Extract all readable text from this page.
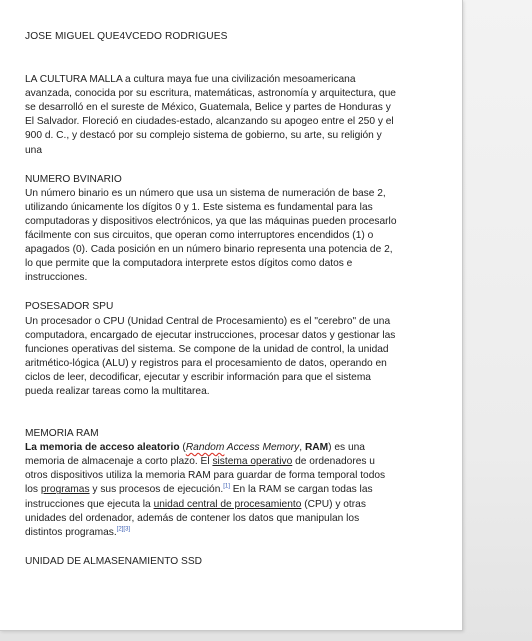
JOSE MIGUEL QUE4VCEDO RODRIGUES

LA CULTURA MALLA a cultura maya fue una civilización mesoamericana avanzada, conocida por su escritura, matemáticas, astronomía y arquitectura, que se desarrolló en el sureste de México, Guatemala, Belice y partes de Honduras y El Salvador. Floreció en ciudades-estado, alcanzando su apogeo entre el 250 y el 900 d. C., y destacó por su complejo sistema de gobierno, su arte, su religión y una

NUMERO BVINARIO

Un número binario es un número que usa un sistema de numeración de base 2, utilizando únicamente los dígitos 0 y 1. Este sistema es fundamental para las computadoras y dispositivos electrónicos, ya que las máquinas pueden procesarlo fácilmente con sus circuitos, que operan como interruptores encendidos (1) o apagados (0). Cada posición en un número binario representa una potencia de 2, lo que permite que la computadora interprete estos dígitos como datos e instrucciones.

POSESADOR SPU

Un procesador o CPU (Unidad Central de Procesamiento) es el "cerebro" de una computadora, encargado de ejecutar instrucciones, procesar datos y gestionar las funciones operativas del sistema. Se compone de la unidad de control, la unidad aritmético-lógica (ALU) y registros para el procesamiento de datos, operando en ciclos de leer, decodificar, ejecutar y escribir información para que el sistema pueda realizar tareas como la multitarea.

MEMORIA RAM

La memoria de acceso aleatorio (Random Access Memory, RAM) es una memoria de almacenaje a corto plazo. El sistema operativo de ordenadores u otros dispositivos utiliza la memoria RAM para guardar de forma temporal todos los programas y sus procesos de ejecución.[1] En la RAM se cargan todas las instrucciones que ejecuta la unidad central de procesamiento (CPU) y otras unidades del ordenador, además de contener los datos que manipulan los distintos programas.[2][3]

UNIDAD DE ALMASENAMIENTO SSD
